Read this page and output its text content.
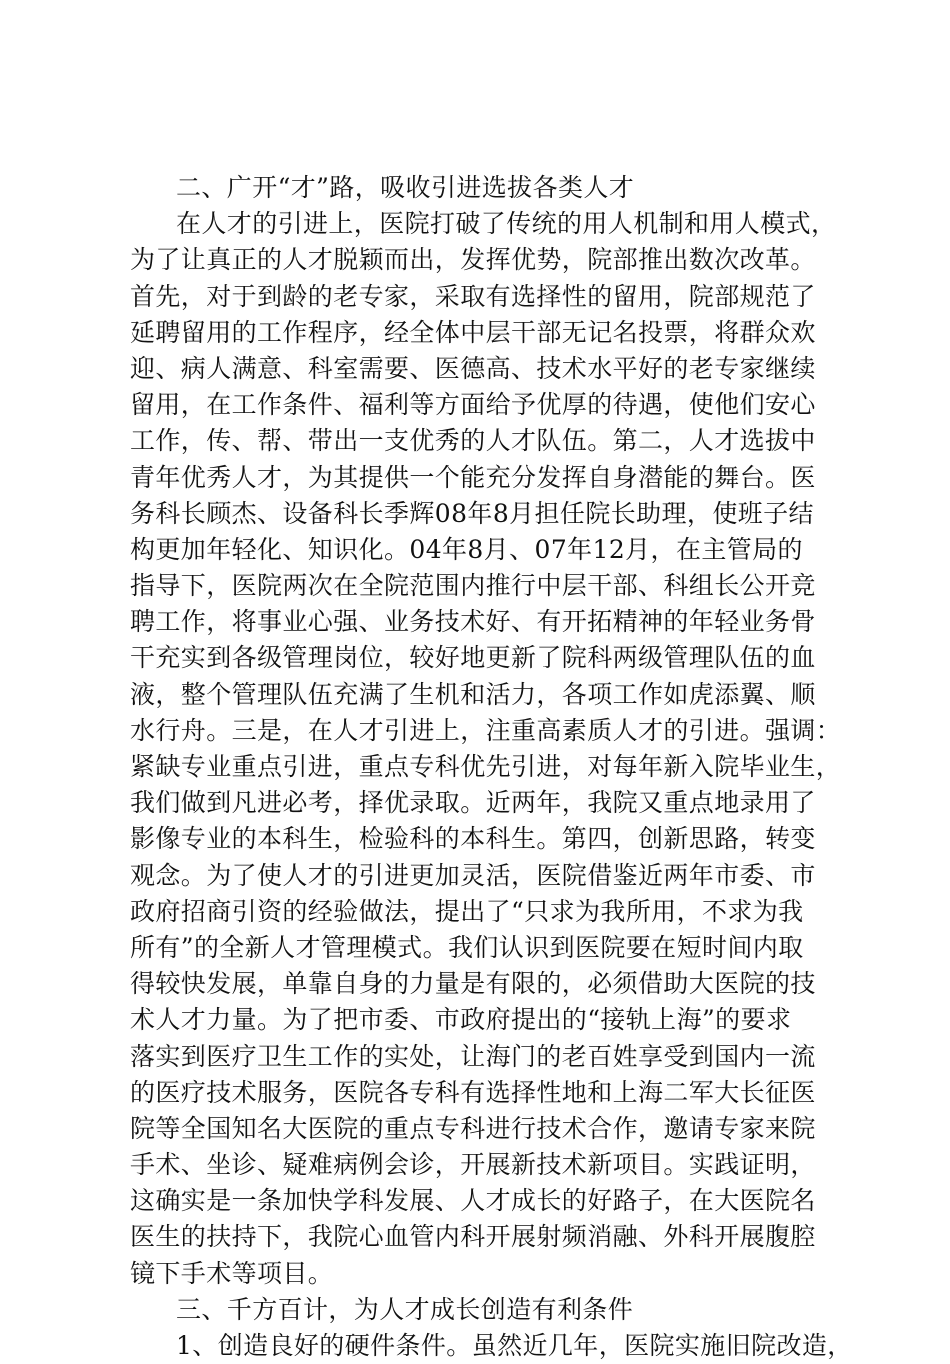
二、广开“才”路，吸收引进选拔各类人才
在人才的引进上，医院打破了传统的用人机制和用人模式，
为了让真正的人才脱颖而出，发挥优势，院部推出数次改革。
首先，对于到龄的老专家，采取有选择性的留用，院部规范了
延聘留用的工作程序，经全体中层干部无记名投票，将群众欢
迎、病人满意、科室需要、医德高、技术水平好的老专家继续
留用，在工作条件、福利等方面给予优厚的待遇，使他们安心
工作，传、帮、带出一支优秀的人才队伍。第二，人才选拔中
青年优秀人才，为其提供一个能充分发挥自身潜能的舞台。医
务科长顾杰、设备科长季辉08年8月担任院长助理，使班子结
构更加年轻化、知识化。04年8月、07年12月，在主管局的
指导下，医院两次在全院范围内推行中层干部、科组长公开竞
聘工作，将事业心强、业务技术好、有开拓精神的年轻业务骨
干充实到各级管理岗位，较好地更新了院科两级管理队伍的血
液，整个管理队伍充满了生机和活力，各项工作如虎添翼、顺
水行舟。三是，在人才引进上，注重高素质人才的引进。强调：
紧缺专业重点引进，重点专科优先引进，对每年新入院毕业生，
我们做到凡进必考，择优录取。近两年，我院又重点地录用了
影像专业的本科生，检验科的本科生。第四，创新思路，转变
观念。为了使人才的引进更加灵活，医院借鉴近两年市委、市
政府招商引资的经验做法，提出了“只求为我所用，不求为我
所有”的全新人才管理模式。我们认识到医院要在短时间内取
得较快发展，单靠自身的力量是有限的，必须借助大医院的技
术人才力量。为了把市委、市政府提出的“接轨上海”的要求
落实到医疗卫生工作的实处，让海门的老百姓享受到国内一流
的医疗技术服务，医院各专科有选择性地和上海二军大长征医
院等全国知名大医院的重点专科进行技术合作，邀请专家来院
手术、坐诊、疑难病例会诊，开展新技术新项目。实践证明，
这确实是一条加快学科发展、人才成长的好路子，在大医院名
医生的扶持下，我院心血管内科开展射频消融、外科开展腹腔
镜下手术等项目。
三、千方百计，为人才成长创造有利条件
1、创造良好的硬件条件。虽然近几年，医院实施旧院改造，
